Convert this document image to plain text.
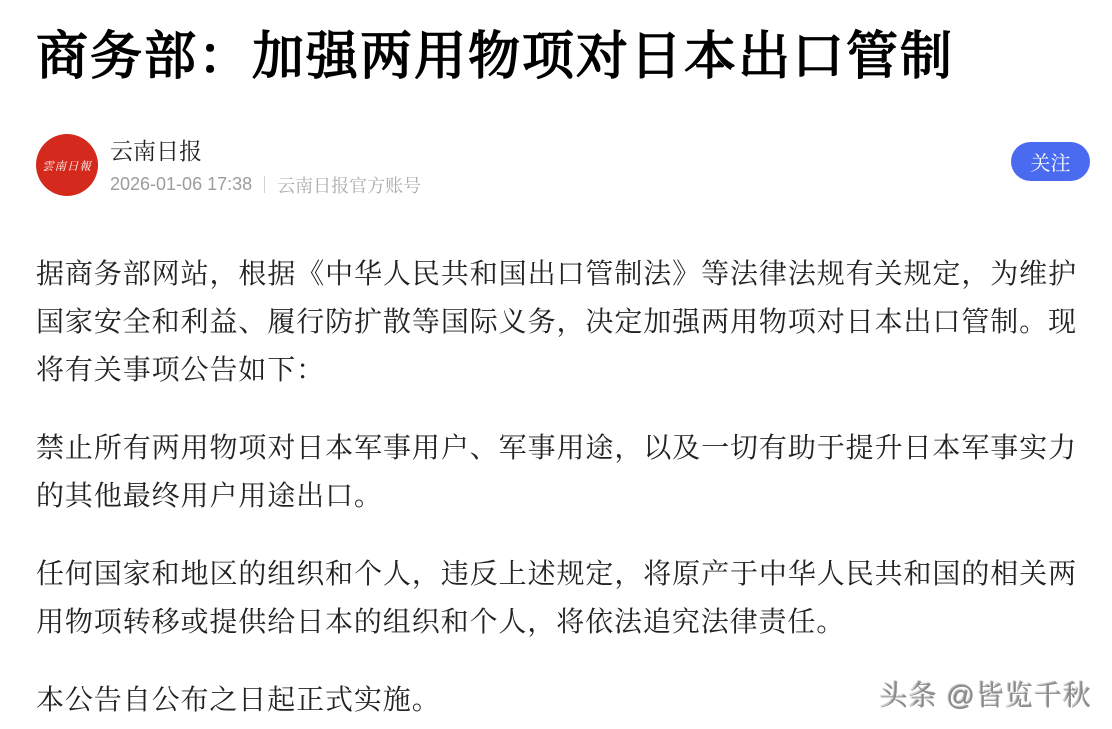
商务部：加强两用物项对日本出口管制
雲南日報
云南日报
2026-01-06 17:38 云南日报官方账号
关注

据商务部网站，根据《中华人民共和国出口管制法》等法律法规有关规定，为维护国家安全和利益、履行防扩散等国际义务，决定加强两用物项对日本出口管制。现将有关事项公告如下：

禁止所有两用物项对日本军事用户、军事用途，以及一切有助于提升日本军事实力的其他最终用户用途出口。

任何国家和地区的组织和个人，违反上述规定，将原产于中华人民共和国的相关两用物项转移或提供给日本的组织和个人，将依法追究法律责任。

本公告自公布之日起正式实施。	头条 @皆览千秋
